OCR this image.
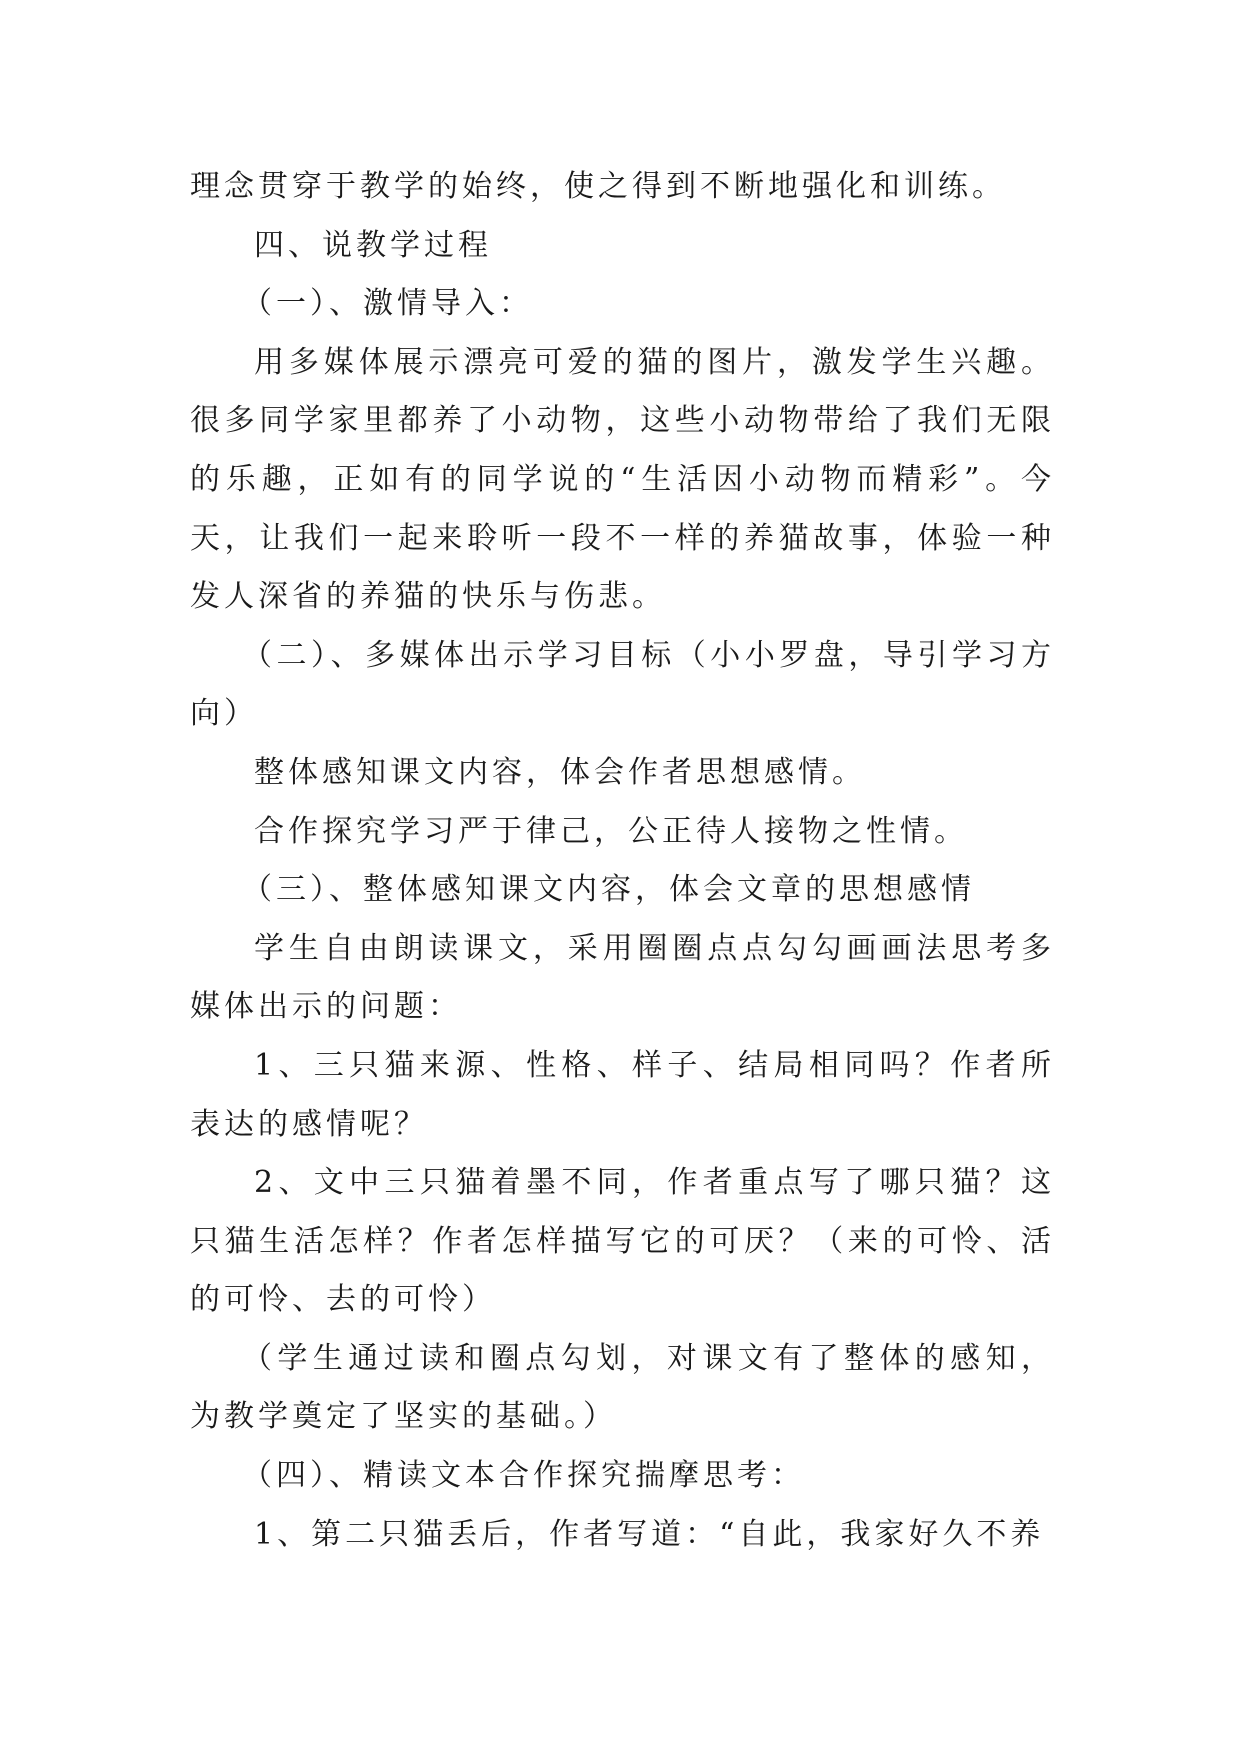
理念贯穿于教学的始终，使之得到不断地强化和训练。

四、说教学过程

（一）、激情导入：

用多媒体展示漂亮可爱的猫的图片，激发学生兴趣。很多同学家里都养了小动物，这些小动物带给了我们无限的乐趣，正如有的同学说的“生活因小动物而精彩”。今天，让我们一起来聆听一段不一样的养猫故事，体验一种发人深省的养猫的快乐与伤悲。

（二）、多媒体出示学习目标（小小罗盘，导引学习方向）

整体感知课文内容，体会作者思想感情。

合作探究学习严于律己，公正待人接物之性情。

（三）、整体感知课文内容，体会文章的思想感情

学生自由朗读课文，采用圈圈点点勾勾画画法思考多媒体出示的问题：

1、三只猫来源、性格、样子、结局相同吗？作者所表达的感情呢？

2、文中三只猫着墨不同，作者重点写了哪只猫？这只猫生活怎样？作者怎样描写它的可厌？（来的可怜、活的可怜、去的可怜）

（学生通过读和圈点勾划，对课文有了整体的感知，为教学奠定了坚实的基础。）

（四）、精读文本合作探究揣摩思考：

1、第二只猫丢后，作者写道：“自此，我家好久不养
